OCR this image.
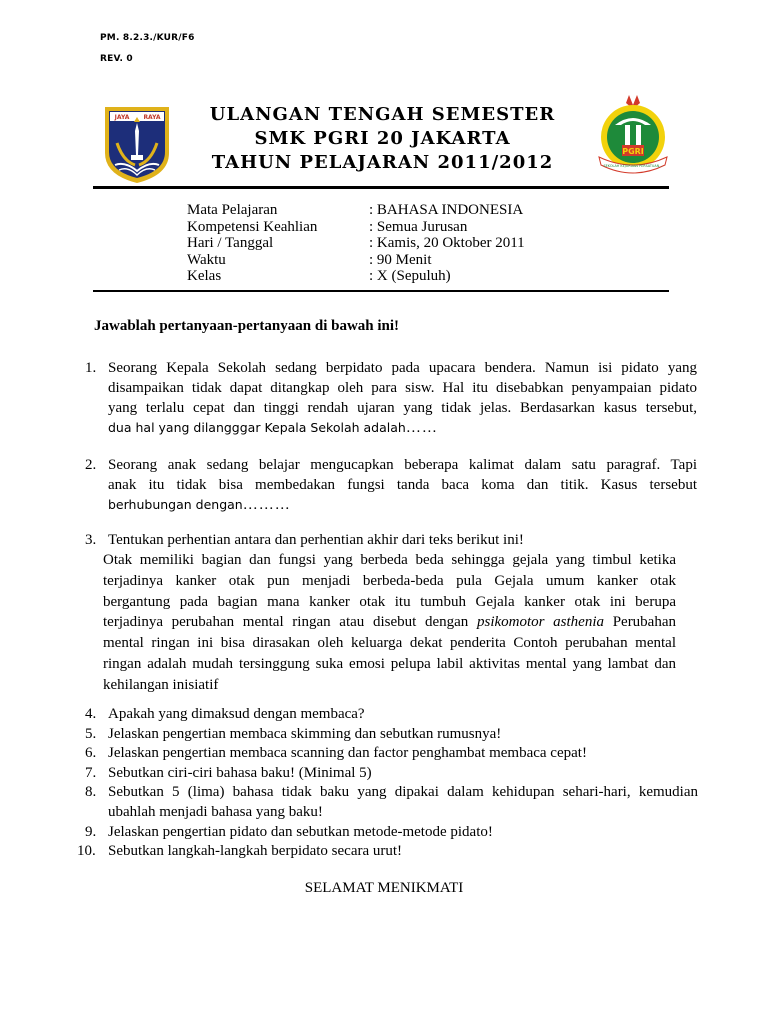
PM. 8.2.3./KUR/F6
REV. 0
JAYA RAYA
PGRI
SEKOLAH KEJURUAN PERSATUAN...
ULANGAN TENGAH SEMESTER
SMK PGRI 20 JAKARTA
TAHUN PELAJARAN 2011/2012
Mata Pelajaran	: BAHASA INDONESIA
Kompetensi Keahlian	: Semua Jurusan
Hari / Tanggal	: Kamis, 20 Oktober 2011
Waktu	: 90 Menit
Kelas	: X (Sepuluh)
Jawablah pertanyaan-pertanyaan di bawah ini!
1. Seorang Kepala Sekolah sedang berpidato pada upacara bendera. Namun isi pidato yang
disampaikan tidak dapat ditangkap oleh para sisw. Hal itu disebabkan penyampaian pidato
yang terlalu cepat dan tinggi rendah ujaran yang tidak jelas. Berdasarkan kasus tersebut,
dua hal yang dilangggar Kepala Sekolah adalah……
2. Seorang anak sedang belajar mengucapkan beberapa kalimat dalam satu paragraf. Tapi
anak itu tidak bisa membedakan fungsi tanda baca koma dan titik. Kasus tersebut
berhubungan dengan………
3. Tentukan perhentian antara dan perhentian akhir dari teks berikut ini!
Otak memiliki bagian dan fungsi yang berbeda beda sehingga gejala yang timbul ketika
terjadinya kanker otak pun menjadi berbeda-beda pula Gejala umum kanker otak
bergantung pada bagian mana kanker otak itu tumbuh Gejala kanker otak ini berupa
terjadinya perubahan mental ringan atau disebut dengan psikomotor asthenia Perubahan
mental ringan ini bisa dirasakan oleh keluarga dekat penderita Contoh perubahan mental
ringan adalah mudah tersinggung suka emosi pelupa labil aktivitas mental yang lambat dan
kehilangan inisiatif
4. Apakah yang dimaksud dengan membaca?
5. Jelaskan pengertian membaca skimming dan sebutkan rumusnya!
6. Jelaskan pengertian membaca scanning dan factor penghambat membaca cepat!
7. Sebutkan ciri-ciri bahasa baku! (Minimal 5)
8. Sebutkan 5 (lima) bahasa tidak baku yang dipakai dalam kehidupan sehari-hari, kemudian
ubahlah menjadi bahasa yang baku!
9. Jelaskan pengertian pidato dan sebutkan metode-metode pidato!
10. Sebutkan langkah-langkah berpidato secara urut!
SELAMAT MENIKMATI
